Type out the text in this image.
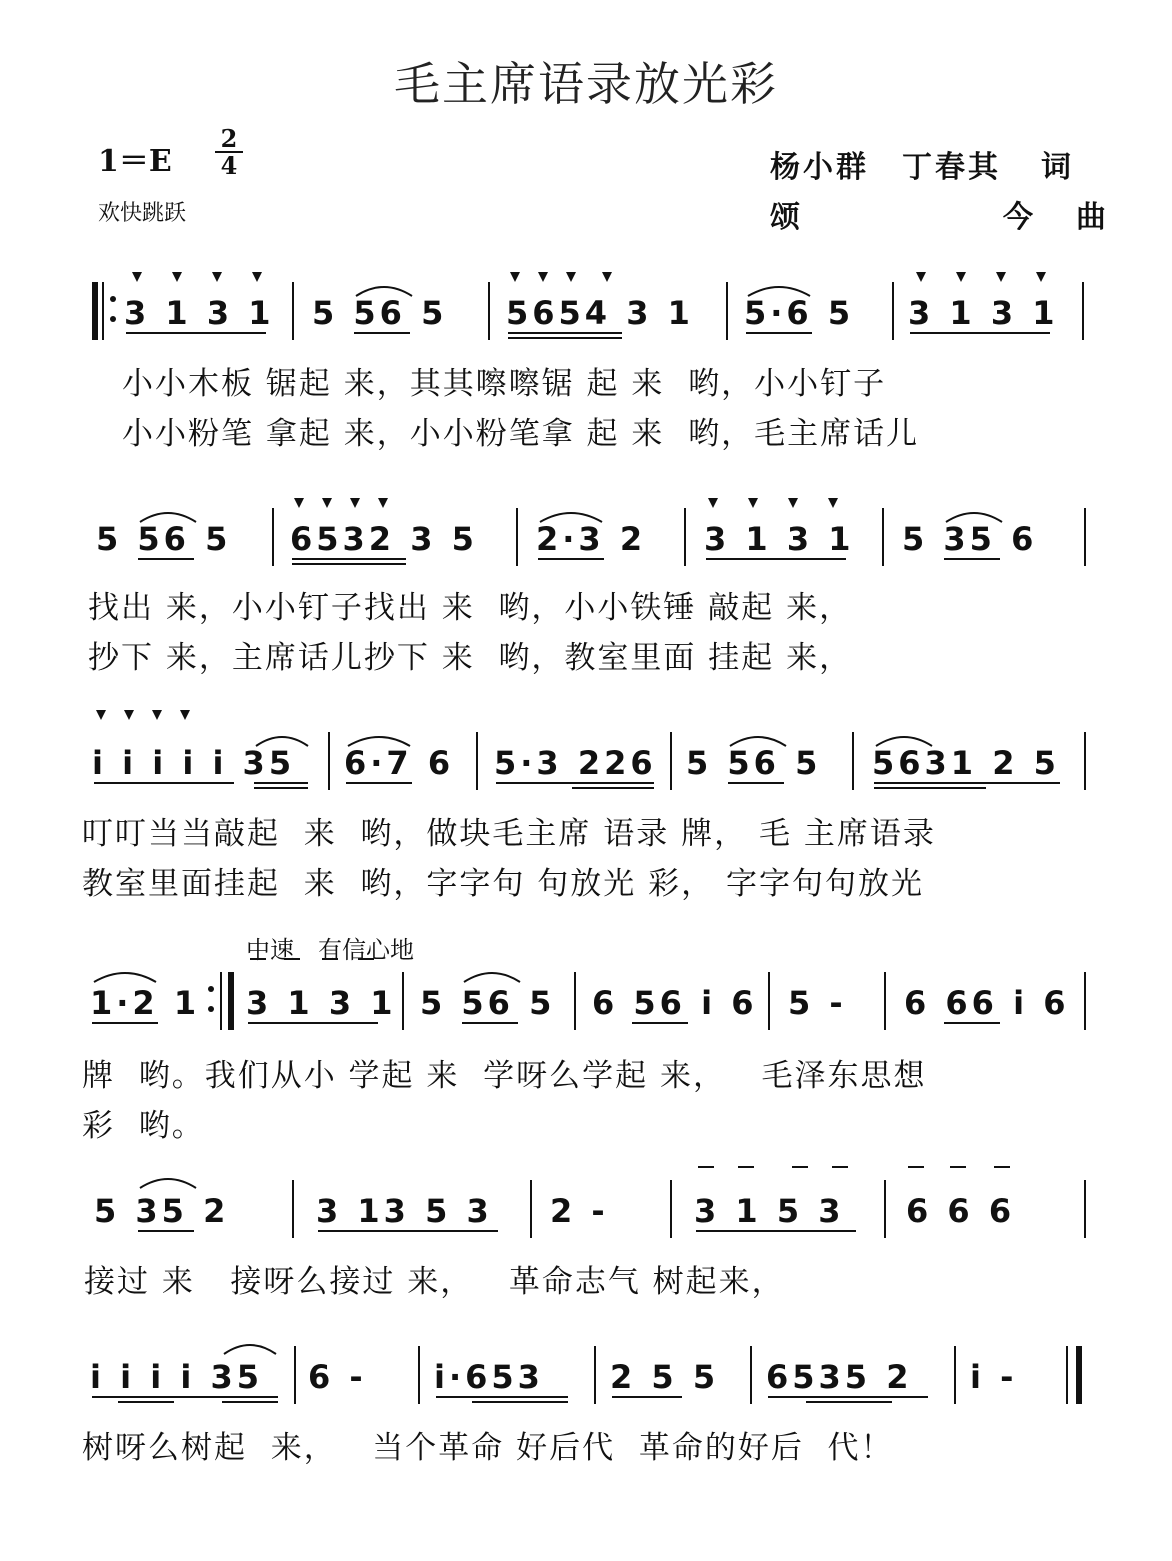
毛主席语录放光彩
1＝E
2
4
欢快跳跃
杨小群　丁春其 词
颂	今 曲
3 1 3 1 5 56 5 5654 3 1 5·6 5 3 1 3 1
小小木板 锯起 来，其其嚓嚓锯 起 来  哟，小小钉子
小小粉笔 拿起 来，小小粉笔拿 起 来  哟，毛主席话儿
5 56 5 6532 3 5 2·3 2 3 1 3 1 5 35 6
找出 来，小小钉子找出 来  哟，小小铁锤 敲起 来，
抄下 来，主席话儿抄下 来  哟，教室里面 挂起 来，
i i i i i 35 6·7 6 5·3 226 5 56 5 5631 2 5
叮叮当当敲起  来  哟，做块毛主席 语录 牌， 毛 主席语录
教室里面挂起  来  哟，字字句 句放光 彩， 字字句句放光
中速　有信心地
1·2 1 3 1 3 1 5 56 5 6 56 i 6 5 - 6 66 i 6
牌  哟。我们从小 学起 来  学呀么学起 来，   毛泽东思想
彩  哟。
5 35 2	3 13 5 3 2 -	3 1 5 3 6 6 6
接过 来   接呀么接过 来，   革命志气 树起来，
i i i i 35 6 - i·653 2 5 5 6535 2 i -
树呀么树起  来，   当个革命 好后代  革命的好后  代！
